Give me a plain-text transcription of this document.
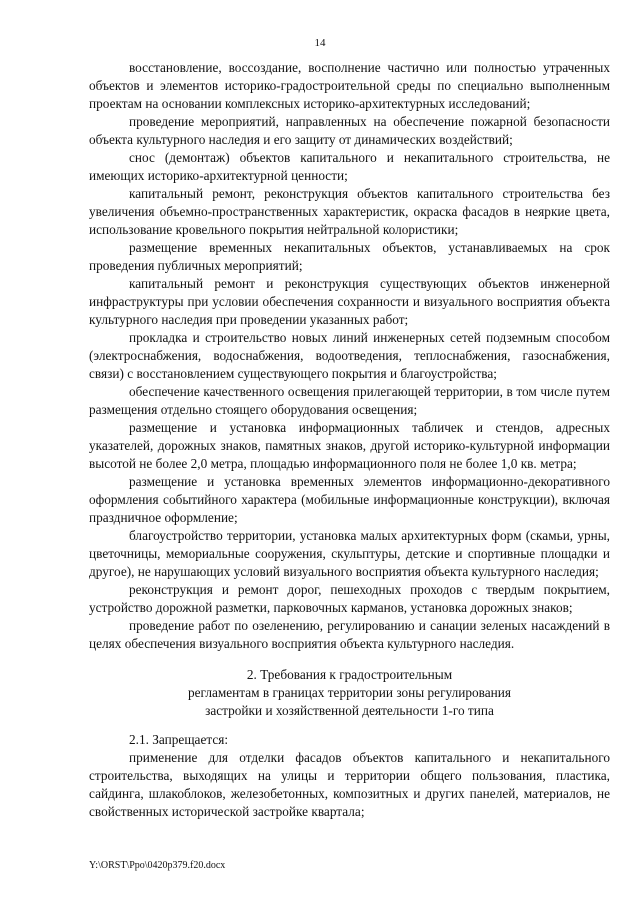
14

восстановление, воссоздание, восполнение частично или полностью утраченных объектов и элементов историко-градостроительной среды по специально выполненным проектам на основании комплексных историко-архитектурных исследований;

проведение мероприятий, направленных на обеспечение пожарной безопасности объекта культурного наследия и его защиту от динамических воздействий;

снос (демонтаж) объектов капитального и некапитального строительства, не имеющих историко-архитектурной ценности;

капитальный ремонт, реконструкция объектов капитального строительства без увеличения объемно-пространственных характеристик, окраска фасадов в неяркие цвета, использование кровельного покрытия нейтральной колористики;

размещение временных некапитальных объектов, устанавливаемых на срок проведения публичных мероприятий;

капитальный ремонт и реконструкция существующих объектов инженерной инфраструктуры при условии обеспечения сохранности и визуального восприятия объекта культурного наследия при проведении указанных работ;

прокладка и строительство новых линий инженерных сетей подземным способом (электроснабжения, водоснабжения, водоотведения, теплоснабжения, газоснабжения, связи) с восстановлением существующего покрытия и благоустройства;

обеспечение качественного освещения прилегающей территории, в том числе путем размещения отдельно стоящего оборудования освещения;

размещение и установка информационных табличек и стендов, адресных указателей, дорожных знаков, памятных знаков, другой историко-культурной информации высотой не более 2,0 метра, площадью информационного поля не более 1,0 кв. метра;

размещение и установка временных элементов информационно-декоративного оформления событийного характера (мобильные информационные конструкции), включая праздничное оформление;

благоустройство территории, установка малых архитектурных форм (скамьи, урны, цветочницы, мемориальные сооружения, скульптуры, детские и спортивные площадки и другое), не нарушающих условий визуального восприятия объекта культурного наследия;

реконструкция и ремонт дорог, пешеходных проходов с твердым покрытием, устройство дорожной разметки, парковочных карманов, установка дорожных знаков;

проведение работ по озеленению, регулированию и санации зеленых насаждений в целях обеспечения визуального восприятия объекта культурного наследия.

2. Требования к градостроительным
регламентам в границах территории зоны регулирования
застройки и хозяйственной деятельности 1-го типа

2.1. Запрещается:

применение для отделки фасадов объектов капитального и некапитального строительства, выходящих на улицы и территории общего пользования, пластика, сайдинга, шлакоблоков, железобетонных, композитных и других панелей, материалов, не свойственных исторической застройке квартала;

Y:\ORST\Ppo\0420p379.f20.docx
